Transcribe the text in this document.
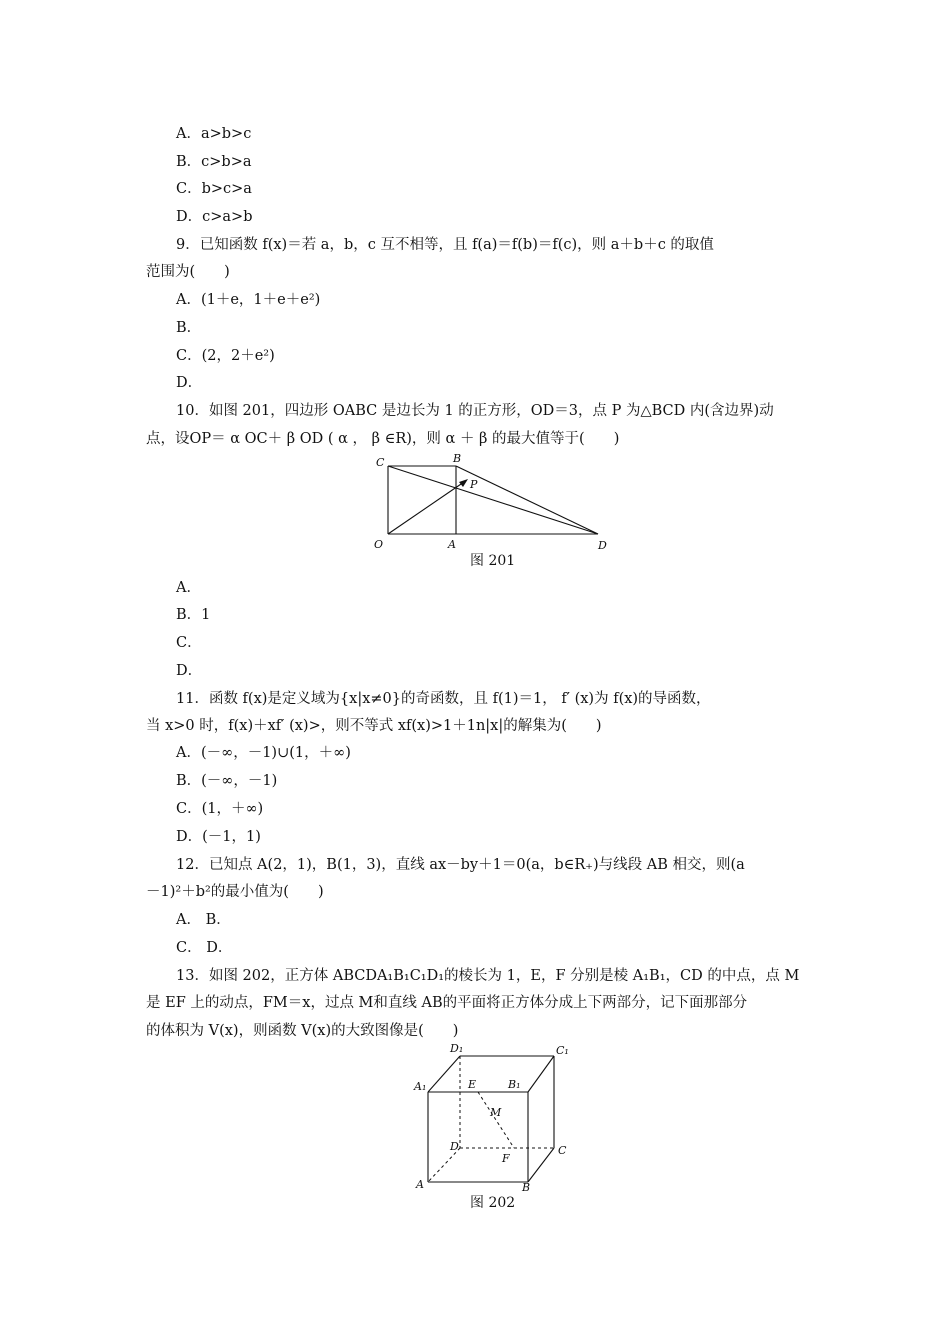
A．a>b>c
B．c>b>a
C．b>c>a
D．c>a>b
9．已知函数 f(x)＝若 a，b，c 互不相等，且 f(a)＝f(b)＝f(c)，则 a＋b＋c 的取值
范围为(　　)
A．(1＋e，1＋e＋e²)
B．
C．(2，2＋e²)
D．
10．如图 201，四边形 OABC 是边长为 1 的正方形，OD＝3，点 P 为△BCD 内(含边界)动
点，设OP＝ α OC＋ β OD ( α ， β ∈R)，则 α ＋ β 的最大值等于(　　)
C	B
P
O	A	D
图 201
A．
B．1
C．
D．
11．函数 f(x)是定义域为{x|x≠0}的奇函数，且 f(1)＝1， f′ (x)为 f(x)的导函数，
当 x>0 时，f(x)＋xf′ (x)>，则不等式 xf(x)>1＋1n|x|的解集为(　　)
A．(－∞，－1)∪(1，＋∞)
B．(－∞，－1)
C．(1，＋∞)
D．(－1，1)
12．已知点 A(2，1)，B(1，3)，直线 ax－by＋1＝0(a，b∈R₊)与线段 AB 相交，则(a
－1)²＋b²的最小值为(　　)
A． B．
C． D．
13．如图 202，正方体 ABCDA₁B₁C₁D₁的棱长为 1，E，F 分别是棱 A₁B₁，CD 的中点，点 M
是 EF 上的动点，FM＝x，过点 M和直线 AB的平面将正方体分成上下两部分，记下面那部分
的体积为 V(x)，则函数 V(x)的大致图像是(　　)
D₁	C₁
A₁	E	B₁
M
D	C
F
A	B
图 202
